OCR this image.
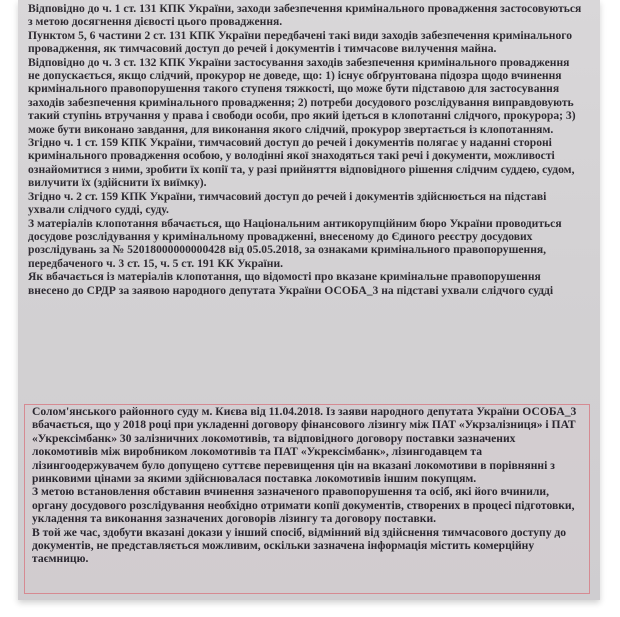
Відповідно до ч. 1 ст. 131 КПК України, заходи забезпечення кримінального провадження застосовуються з метою досягнення дієвості цього провадження.

Пунктом 5, 6 частини 2 ст. 131 КПК України передбачені такі види заходів забезпечення кримінального провадження, як тимчасовий доступ до речей і документів і тимчасове вилучення майна.

Відповідно до ч. 3 ст. 132 КПК України застосування заходів забезпечення кримінального провадження не допускається, якщо слідчий, прокурор не доведе, що: 1) існує обґрунтована підозра щодо вчинення кримінального правопорушення такого ступеня тяжкості, що може бути підставою для застосування заходів забезпечення кримінального провадження; 2) потреби досудового розслідування виправдовують такий ступінь втручання у права і свободи особи, про який ідеться в клопотанні слідчого, прокурора; 3) може бути виконано завдання, для виконання якого слідчий, прокурор звертається із клопотанням.

Згідно ч. 1 ст. 159 КПК України, тимчасовий доступ до речей і документів полягає у наданні стороні кримінального провадження особою, у володінні якої знаходяться такі речі і документи, можливості ознайомитися з ними, зробити їх копії та, у разі прийняття відповідного рішення слідчим суддею, судом, вилучити їх (здійснити їх виїмку).

Згідно ч. 2 ст. 159 КПК України, тимчасовий доступ до речей і документів здійснюється на підставі ухвали слідчого судді, суду.

З матеріалів клопотання вбачається, що Національним антикорупційним бюро України проводиться досудове розслідування у кримінальному провадженні, внесеному до Єдиного реєстру досудових розслідувань за № 52018000000000428 від 05.05.2018, за ознаками кримінального правопорушення, передбаченого ч. 3 ст. 15, ч. 5 ст. 191 КК України.

Як вбачається із матеріалів клопотання, що відомості про вказане кримінальне правопорушення внесено до СРДР за заявою народного депутата України ОСОБА_3 на підставі ухвали слідчого судді

Солом'янського районного суду м. Києва від 11.04.2018. Із заяви народного депутата України ОСОБА_3 вбачається, що у 2018 році при укладенні договору фінансового лізингу між ПАТ «Укрзалізниця» і ПАТ «Укрексімбанк» 30 залізничних локомотивів, та відповідного договору поставки зазначених локомотивів між виробником локомотивів та ПАТ «Укрексімбанк», лізингодавцем та лізингоодержувачем було допущено суттєве перевищення цін на вказані локомотиви в порівнянні з ринковими цінами за якими здійснювалася поставка локомотивів іншим покупцям.

З метою встановлення обставин вчинення зазначеного правопорушення та осіб, які його вчинили, органу досудового розслідування необхідно отримати копії документів, створених в процесі підготовки, укладення та виконання зазначених договорів лізингу та договору поставки.

В той же час, здобути вказані докази у інший спосіб, відмінний від здійснення тимчасового доступу до документів, не представляється можливим, оскільки зазначена інформація містить комерційну таємницю.
